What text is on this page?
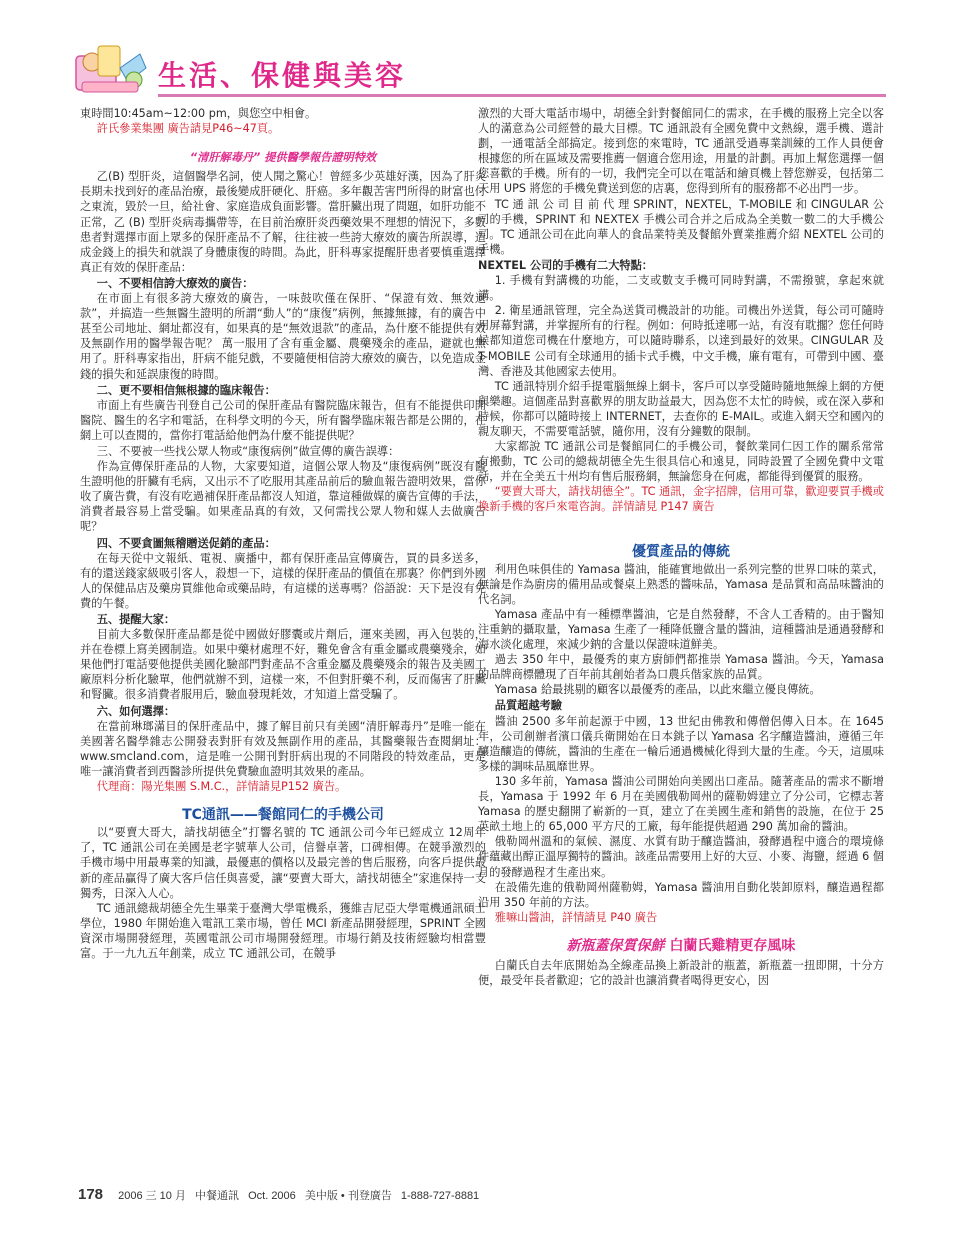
生活、保健與美容

東時間10:45am~12:00 pm，與您空中相會。

許氏參業集團 廣告請見P46~47頁。

“清肝解毒丹” 提供醫學報告證明特效

乙(B) 型肝炎，這個醫學名詞，使人聞之驚心！曾經多少英雄好漢，因為了肝炎長期未找到好的產品治療，最後變成肝硬化、肝癌。多年觀苦害門所得的財富也付之東流，毀於一旦，給社會、家庭造成負面影響。當肝臟出現了問題，如肝功能不正常，乙 (B) 型肝炎病毒攜帶等，在目前治療肝炎西藥效果不理想的情況下，多數患者對選擇市面上眾多的保肝產品不了解，往往被一些誇大療效的廣告所誤導，造成金錢上的損失和就誤了身體康復的時間。為此，肝科專家提醒肝患者要慎重選擇真正有效的保肝產品：

一、不要相信誇大療效的廣告：

在市面上有很多誇大療效的廣告，一味鼓吹僅在保肝、“保證有效、無效退款”，并搞造一些無醫生證明的所謂“動人”的“康復”病例，無據無據，有的廣告中甚至公司地址、網址都沒有，如果真的是“無效退款”的產品，為什麼不能提供有效及無副作用的醫學報告呢？ 萬一服用了含有重金屬、農藥殘余的產品，避就也無用了。肝科專家指出，肝病不能兒戲，不要隨便相信誇大療效的廣告，以免造成金錢的損失和延誤康復的時間。

二、更不要相信無根據的臨床報告：

市面上有些廣告刊登自己公司的保肝產品有醫院臨床報告，但有不能提供印開醫院、醫生的名字和電話，在科學文明的今天，所有醫學臨床報告都是公開的，在網上可以查閱的，當你打電話給他們為什麼不能提供呢？

三、不要被一些找公眾人物或“康復病例”做宣傳的廣告誤導：

作為宣傳保肝產品的人物，大家要知道，這個公眾人物及“康復病例”既沒有醫生證明他的肝臟有毛病，又出示不了吃服用其產品前后的驗血報告證明效果，當你收了廣告費，有沒有吃過補保肝產品都沒人知道，靠這種做媒的廣告宣傳的手法，消費者最容易上當受騙。如果產品真的有效，又何需找公眾人物和媒人去做廣告呢？

四、不要貪圖無稽贈送促銷的產品：

在每天從中文報紙、電視、廣播中，都有保肝產品宣傳廣告，買的員多送多，有的還送錢家級吸引客人，殺想一下，這樣的保肝產品的價值在那裏？你們到外國人的保健品店及藥房買維他命或藥品時，有這樣的送專嗎？俗語說：天下是沒有免費的午餐。

五、提醒大家：

目前大多數保肝產品都是從中國做好膠囊或片劑后，運來美國，再入包裝的，并在卷標上寫美國制造。如果中藥材處理不好，難免會含有重金屬或農藥殘余，如果他們打電話要他提供美國化驗部門對產品不含重金屬及農藥殘余的報告及美國工廠原料分析化驗單，他們就辦不到，這樣一來，不但對肝藥不利，反而傷害了肝臟和腎臟。很多消費者服用后，驗血發現耗效，才知道上當受騙了。

六、如何選擇：

在當前琳瑯滿目的保肝產品中，據了解目前只有美國“清肝解毒丹”是唯一能在美國著名醫學雜志公開發表對肝有效及無副作用的產品，其醫藥報告查閱網址：www.smcland.com，這是唯一公開刊對肝病出現的不同階段的特效產品，更是唯一讓消費者到西醫診所提供免費驗血證明其效果的產品。

代理商：陽光集團 S.M.C.，詳情請見P152 廣告。

TC通訊——餐館同仁的手機公司

以“要賣大哥大，請找胡德全”打響名號的 TC 通訊公司今年已經成立 12周年了，TC 通訊公司在美國是老字號華人公司，信譽卓著，口碑相傳。在競爭激烈的手機市場中用最專業的知識，最優惠的價格以及最完善的售后服務，向客戶提供最新的產品贏得了廣大客戶信任與喜愛，讓“要賣大哥大，請找胡德全”家進保持一支獨秀，日深入人心。

TC 通訊總裁胡德全先生畢業于臺灣大學電機系，獲維吉尼亞大學電機通訊碩士學位，1980 年開始進入電訊工業市場，曾任 MCI 新產品開發經理，SPRINT 全國資深市場開發經理，英國電訊公司市場開發經理。市場行銷及技術經驗均相當豐富。于一九九五年創業，成立 TC 通訊公司，在競爭

激烈的大哥大電話市場中，胡德全針對餐館同仁的需求，在手機的服務上完全以客人的滿意為公司經營的最大目標。TC 通訊設有全國免費中文熱線，選手機、選計劃，一通電話全部搞定。接到您的來電時，TC 通訊受過專業訓練的工作人員便會根據您的所在區域及需要推薦一個適合您用途，用量的計劃。再加上幫您選擇一個您喜歡的手機。所有的一切，我們完全可以在電話和繪頁機上替您辦妥，包括第二天用 UPS 將您的手機免費送到您的店裏，您得到所有的服務都不必出門一步。

TC 通 訊 公 司 目 前 代 理 SPRINT，NEXTEL，T-MOBILE 和 CINGULAR 公司的手機，SPRINT 和 NEXTEX 手機公司合并之后成為全美數一數二的大手機公司。TC 通訊公司在此向華人的食品業特美及餐館外賣業推薦介紹 NEXTEL 公司的手機。

NEXTEL 公司的手機有二大特點：

1. 手機有對講機的功能，二支或數支手機可同時對講，不需撥號，拿起來就講。

2. 衛星通訊管理，完全為送貨司機設計的功能。司機出外送貨，每公司可隨時用屏幕對講，并掌握所有的行程。例如：何時抵達哪一站，有沒有耽擱？您任何時候都知道您司機在什麼地方，可以隨時聯系，以達到最好的效果。CINGULAR 及 T-MOBILE 公司有全球通用的插卡式手機，中文手機，廉有電有，可帶到中國、臺灣、香港及其他國家去使用。

TC 通訊特別介紹手提電腦無線上網卡，客戶可以享受隨時隨地無線上網的方便與樂趣。這個產品對喜歡界的朋友助益最大，因為您不太忙的時候，或在深入夢和時候，你都可以隨時接上 INTERNET，去查你的 E-MAIL。或進入網天空和國內的親友聊天，不需要電話號，隨你用，沒有分鐘數的限制。

大家都說 TC 通訊公司是餐館同仁的手機公司，餐飲業同仁因工作的關系常常有搬動，TC 公司的總裁胡德全先生很具信心和遠見，同時設置了全國免費中文電話，并在全美五十州均有售后服務網，無論您身在何處，都能得到優質的服務。

“要賣大哥大，請找胡德全”。TC 通訊，金字招牌，信用可靠，歡迎要買手機或換新手機的客戶來電咨詢。詳情請見 P147 廣告

優質產品的傳統

利用色味俱佳的 Yamasa 醬油，能確實地做出一系列完整的世界口味的菜式，無論是作為廚房的備用品或餐桌上熟悉的醬味品，Yamasa 是品質和高品味醬油的代名詞。

Yamasa 產品中有一種標準醬油，它是自然發酵，不含人工香精的。由于醫知注重鈉的攝取量，Yamasa 生產了一種降低鹽含量的醬油，這種醬油是通過發酵和海水淡化處理，來減少鈉的含量以保證味道鮮美。

過去 350 年中，最優秀的東方廚師們都推崇 Yamasa 醬油。今天，Yamasa 的品牌商標體現了百年前其創始者為口農兵偕家族的品質。

Yamasa 給最挑剔的顧客以最優秀的產品，以此來繼立優良傳統。

品質超越考驗

醬油 2500 多年前起源于中國，13 世紀由佛教和傳僧侶傳入日本。在 1645 年，公司創辦者濱口儀兵衛開始在日本銚子以 Yamasa 名字釀造醬油，遵循三年釀造釀造的傳統，醬油的生產在一輪后通過機械化得到大量的生產。今天，這風味多樣的調味品風靡世界。

130 多年前，Yamasa 醬油公司開始向美國出口產品。隨著產品的需求不斷增長，Yamasa 于 1992 年 6 月在美國俄勒岡州的薩勒姆建立了分公司，它標志著 Yamasa 的歷史翻開了嶄新的一頁，建立了在美國生產和銷售的設施，在位于 25 英畝土地上的 65,000 平方尺的工廠，每年能提供超過 290 萬加侖的醬油。

俄勒岡州溫和的氣候、濕度、水質有助于釀造醬油，發酵過程中適合的環境條件蘊藏出醇正溫厚獨特的醬油。該產品需要用上好的大豆、小麥、海鹽，經過 6 個月的發酵過程才生產出來。

在設備先進的俄勒岡州薩勒姆，Yamasa 醬油用自動化裝卸原料，釀造過程都沿用 350 年前的方法。

雅嘛山醬油，詳情請見 P40 廣告

新瓶蓋保質保鮮 白蘭氏雞精更存風味

白蘭氏自去年底開始為全線產品換上新設計的瓶蓋，新瓶蓋一扭即開，十分方便，最受年長者歡迎；它的設計也讓消費者喝得更安心，因

178 2006 三 10 月 中餐通訊 Oct. 2006 美中版 • 刊登廣告 1-888-727-8881
